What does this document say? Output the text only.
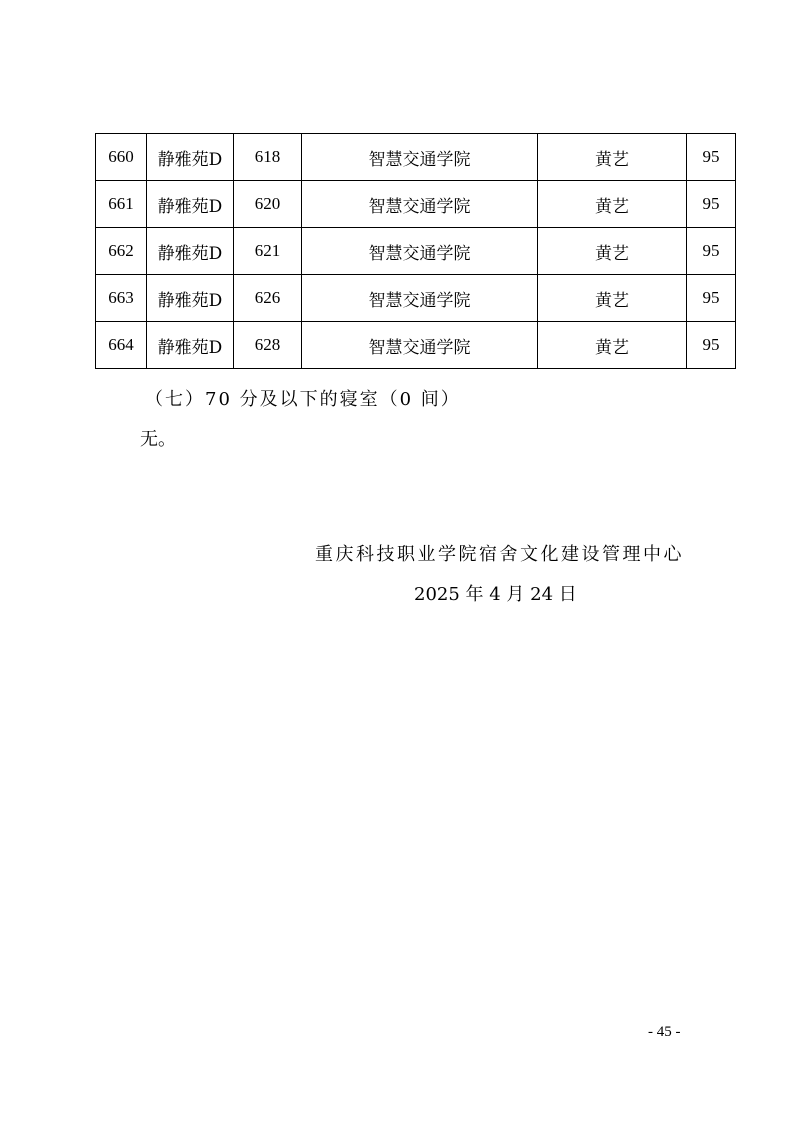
660	静雅苑D	618	智慧交通学院	黄艺	95
661	静雅苑D	620	智慧交通学院	黄艺	95
662	静雅苑D	621	智慧交通学院	黄艺	95
663	静雅苑D	626	智慧交通学院	黄艺	95
664	静雅苑D	628	智慧交通学院	黄艺	95
（七）70 分及以下的寝室（0 间）
无。
重庆科技职业学院宿舍文化建设管理中心
2025 年 4 月 24 日
- 45 -
